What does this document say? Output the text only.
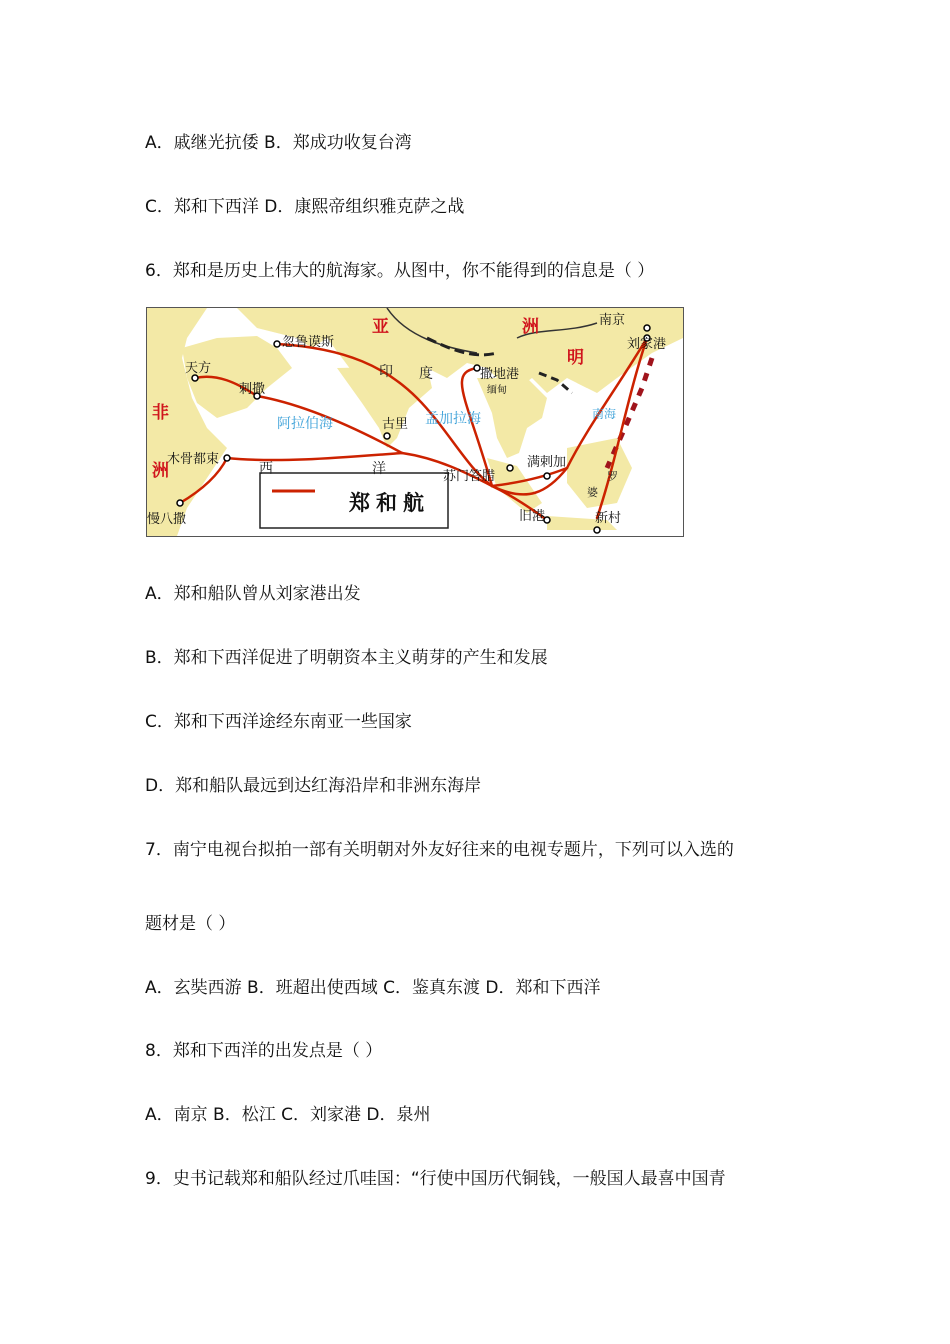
A．戚继光抗倭 B．郑成功收复台湾
C．郑和下西洋 D．康熙帝组织雅克萨之战
6．郑和是历史上伟大的航海家。从图中，你不能得到的信息是（ ）
郑和航
亚	洲
明
非
洲
印 度
西	洋	罗
婆
阿拉伯海	孟加拉海	南海
南京
刘家港
忽鲁谟斯
天方
剌撒
木骨都束
慢八撒
古里
撒地港
缅甸
苏门答腊
满剌加
旧港	新村
A．郑和船队曾从刘家港出发
B．郑和下西洋促进了明朝资本主义萌芽的产生和发展
C．郑和下西洋途经东南亚一些国家
D．郑和船队最远到达红海沿岸和非洲东海岸
7．南宁电视台拟拍一部有关明朝对外友好往来的电视专题片，下列可以入选的
题材是（ ）
A．玄奘西游 B．班超出使西域 C．鉴真东渡 D．郑和下西洋
8．郑和下西洋的出发点是（ ）
A．南京 B．松江 C．刘家港 D．泉州
9．史书记载郑和船队经过爪哇国：“行使中国历代铜钱，一般国人最喜中国青
